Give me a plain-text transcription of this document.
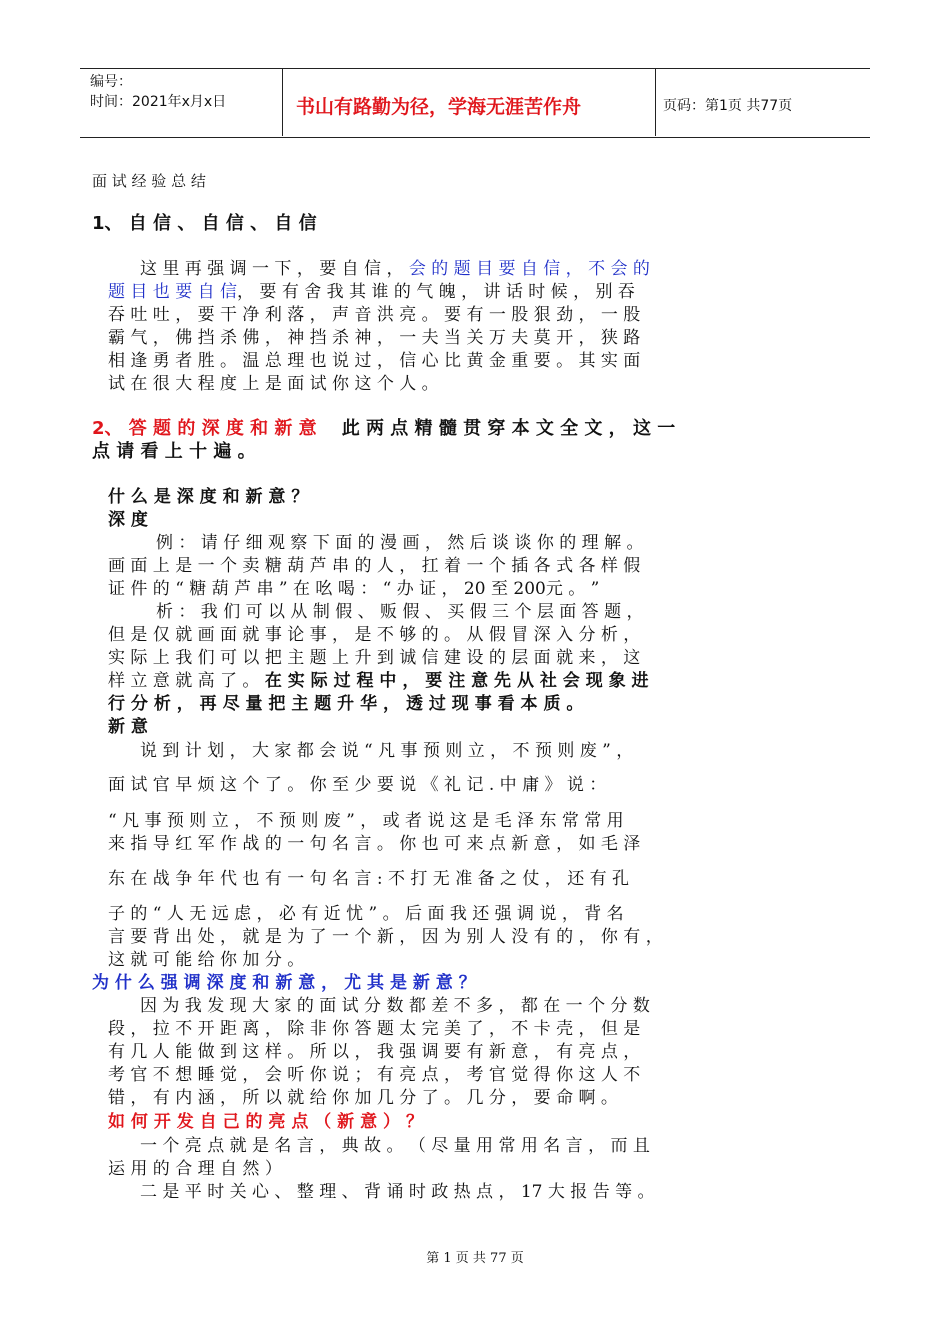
编号：
时间：2021年x月x日	书山有路勤为径，学海无涯苦作舟	页码：第1页 共77页
面 试 经 验 总 结
1、 自 信 、 自 信 、 自 信
这 里 再 强 调 一 下 ， 要 自 信 ， 会 的 题 目 要 自 信 ， 不 会 的
题 目 也 要 自 信， 要 有 舍 我 其 谁 的 气 魄 ， 讲 话 时 候 ， 别 吞
吞 吐 吐 ， 要 干 净 利 落 ， 声 音 洪 亮 。 要 有 一 股 狠 劲 ， 一 股
霸 气 ， 佛 挡 杀 佛 ， 神 挡 杀 神 ， 一 夫 当 关 万 夫 莫 开 ， 狭 路
相 逢 勇 者 胜 。 温 总 理 也 说 过 ， 信 心 比 黄 金 重 要 。 其 实 面
试 在 很 大 程 度 上 是 面 试 你 这 个 人 。
2、 答 题 的 深 度 和 新 意 此 两 点 精 髓 贯 穿 本 文 全 文 ， 这 一
点 请 看 上 十 遍 。
什 么 是 深 度 和 新 意 ？
深 度
例 ： 请 仔 细 观 察 下 面 的 漫 画 ， 然 后 谈 谈 你 的 理 解 。
画 面 上 是 一 个 卖 糖 葫 芦 串 的 人 ， 扛 着 一 个 插 各 式 各 样 假
证 件 的 “ 糖 葫 芦 串 ” 在 吆 喝 ： “ 办 证 ， 20 至 200元 。 ”
析 ： 我 们 可 以 从 制 假 、 贩 假 、 买 假 三 个 层 面 答 题 ，
但 是 仅 就 画 面 就 事 论 事 ， 是 不 够 的 。 从 假 冒 深 入 分 析 ，
实 际 上 我 们 可 以 把 主 题 上 升 到 诚 信 建 设 的 层 面 就 来 ， 这
样 立 意 就 高 了 。 在 实 际 过 程 中 ， 要 注 意 先 从 社 会 现 象 进
行 分 析 ， 再 尽 量 把 主 题 升 华 ， 透 过 现 事 看 本 质 。
新 意
说 到 计 划 ， 大 家 都 会 说 “ 凡 事 预 则 立 ， 不 预 则 废 ” ，
面 试 官 早 烦 这 个 了 。 你 至 少 要 说 《 礼 记 . 中 庸 》 说 ：
“ 凡 事 预 则 立 ， 不 预 则 废 ” ， 或 者 说 这 是 毛 泽 东 常 常 用
来 指 导 红 军 作 战 的 一 句 名 言 。 你 也 可 来 点 新 意 ， 如 毛 泽
东 在 战 争 年 代 也 有 一 句 名 言 : 不 打 无 准 备 之 仗 ， 还 有 孔
子 的 “ 人 无 远 虑 ， 必 有 近 忧 ” 。 后 面 我 还 强 调 说 ， 背 名
言 要 背 出 处 ， 就 是 为 了 一 个 新 ， 因 为 别 人 没 有 的 ， 你 有 ，
这 就 可 能 给 你 加 分 。
为 什 么 强 调 深 度 和 新 意 ， 尤 其 是 新 意 ？
因 为 我 发 现 大 家 的 面 试 分 数 都 差 不 多 ， 都 在 一 个 分 数
段 ， 拉 不 开 距 离 ， 除 非 你 答 题 太 完 美 了 ， 不 卡 壳 ， 但 是
有 几 人 能 做 到 这 样 。 所 以 ， 我 强 调 要 有 新 意 ， 有 亮 点 ，
考 官 不 想 睡 觉 ， 会 听 你 说 ； 有 亮 点 ， 考 官 觉 得 你 这 人 不
错 ， 有 内 涵 ， 所 以 就 给 你 加 几 分 了 。 几 分 ， 要 命 啊 。
如 何 开 发 自 己 的 亮 点 （ 新 意 ） ？
一 个 亮 点 就 是 名 言 ， 典 故 。 （ 尽 量 用 常 用 名 言 ， 而 且
运 用 的 合 理 自 然 ）
二 是 平 时 关 心 、 整 理 、 背 诵 时 政 热 点 ， 17 大 报 告 等 。
第 1 页 共 77 页
